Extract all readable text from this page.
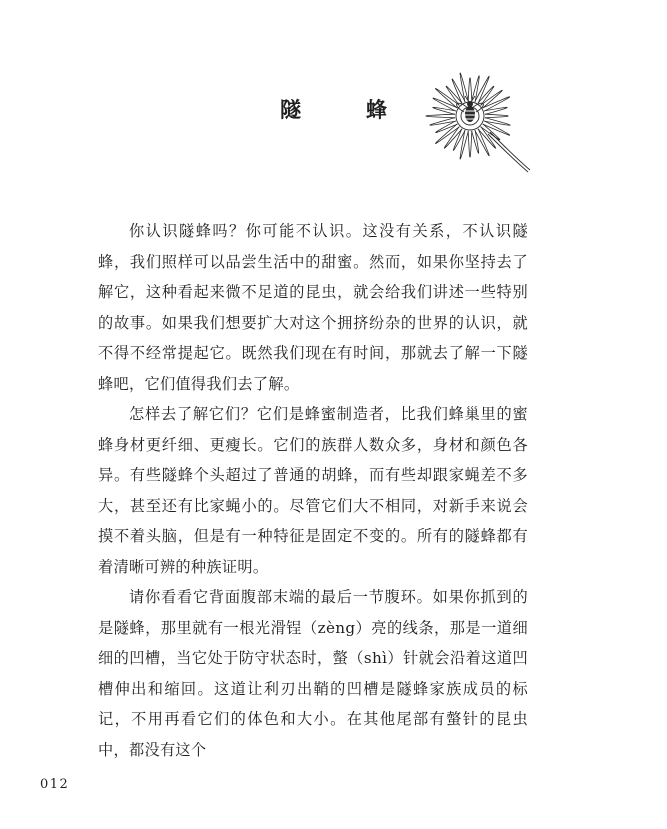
隧　蜂

你认识隧蜂吗？你可能不认识。这没有关系，不认识隧蜂，我们照样可以品尝生活中的甜蜜。然而，如果你坚持去了解它，这种看起来微不足道的昆虫，就会给我们讲述一些特别的故事。如果我们想要扩大对这个拥挤纷杂的世界的认识，就不得不经常提起它。既然我们现在有时间，那就去了解一下隧蜂吧，它们值得我们去了解。

怎样去了解它们？它们是蜂蜜制造者，比我们蜂巢里的蜜蜂身材更纤细、更瘦长。它们的族群人数众多，身材和颜色各异。有些隧蜂个头超过了普通的胡蜂，而有些却跟家蝇差不多大，甚至还有比家蝇小的。尽管它们大不相同，对新手来说会摸不着头脑，但是有一种特征是固定不变的。所有的隧蜂都有着清晰可辨的种族证明。

请你看看它背面腹部末端的最后一节腹环。如果你抓到的是隧蜂，那里就有一根光滑锃（zèng）亮的线条，那是一道细细的凹槽，当它处于防守状态时，螫（shì）针就会沿着这道凹槽伸出和缩回。这道让利刃出鞘的凹槽是隧蜂家族成员的标记，不用再看它们的体色和大小。在其他尾部有螫针的昆虫中，都没有这个

012
